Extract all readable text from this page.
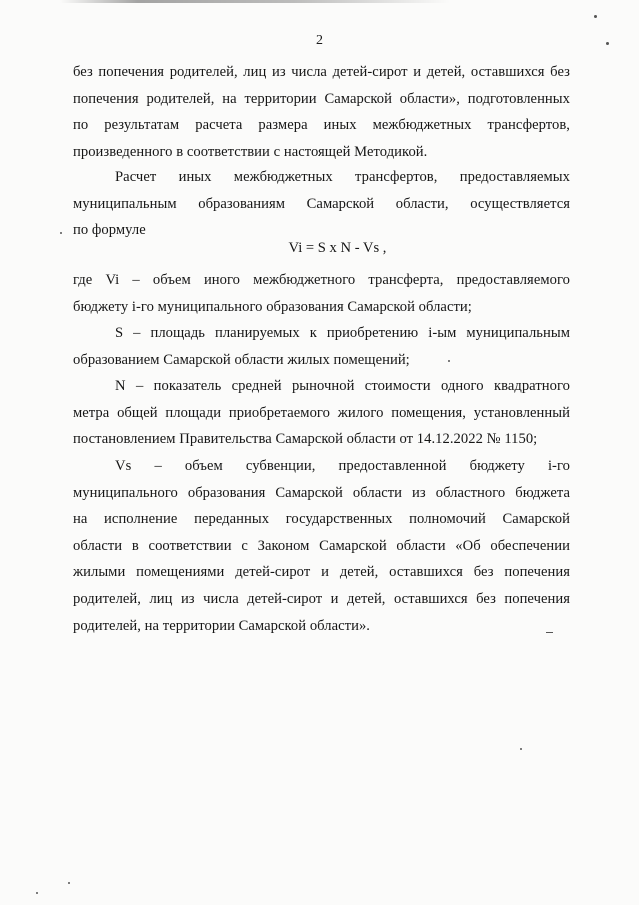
2
без попечения родителей, лиц из числа детей-сирот и детей, оставшихся без
попечения родителей, на территории Самарской области», подготовленных
по результатам расчета размера иных межбюджетных трансфертов,
произведенного в соответствии с настоящей Методикой.
Расчет иных межбюджетных трансфертов, предоставляемых
муниципальным образованиям Самарской области, осуществляется
по формуле
Vi = S x N - Vs ,
где Vi – объем иного межбюджетного трансферта, предоставляемого
бюджету i-го муниципального образования Самарской области;
S – площадь планируемых к приобретению i-ым муниципальным
образованием Самарской области жилых помещений;
N – показатель средней рыночной стоимости одного квадратного
метра общей площади приобретаемого жилого помещения, установленный
постановлением Правительства Самарской области от 14.12.2022 № 1150;
Vs – объем субвенции, предоставленной бюджету i-го
муниципального образования Самарской области из областного бюджета
на исполнение переданных государственных полномочий Самарской
области в соответствии с Законом Самарской области «Об обеспечении
жилыми помещениями детей-сирот и детей, оставшихся без попечения
родителей, лиц из числа детей-сирот и детей, оставшихся без попечения
родителей, на территории Самарской области».
